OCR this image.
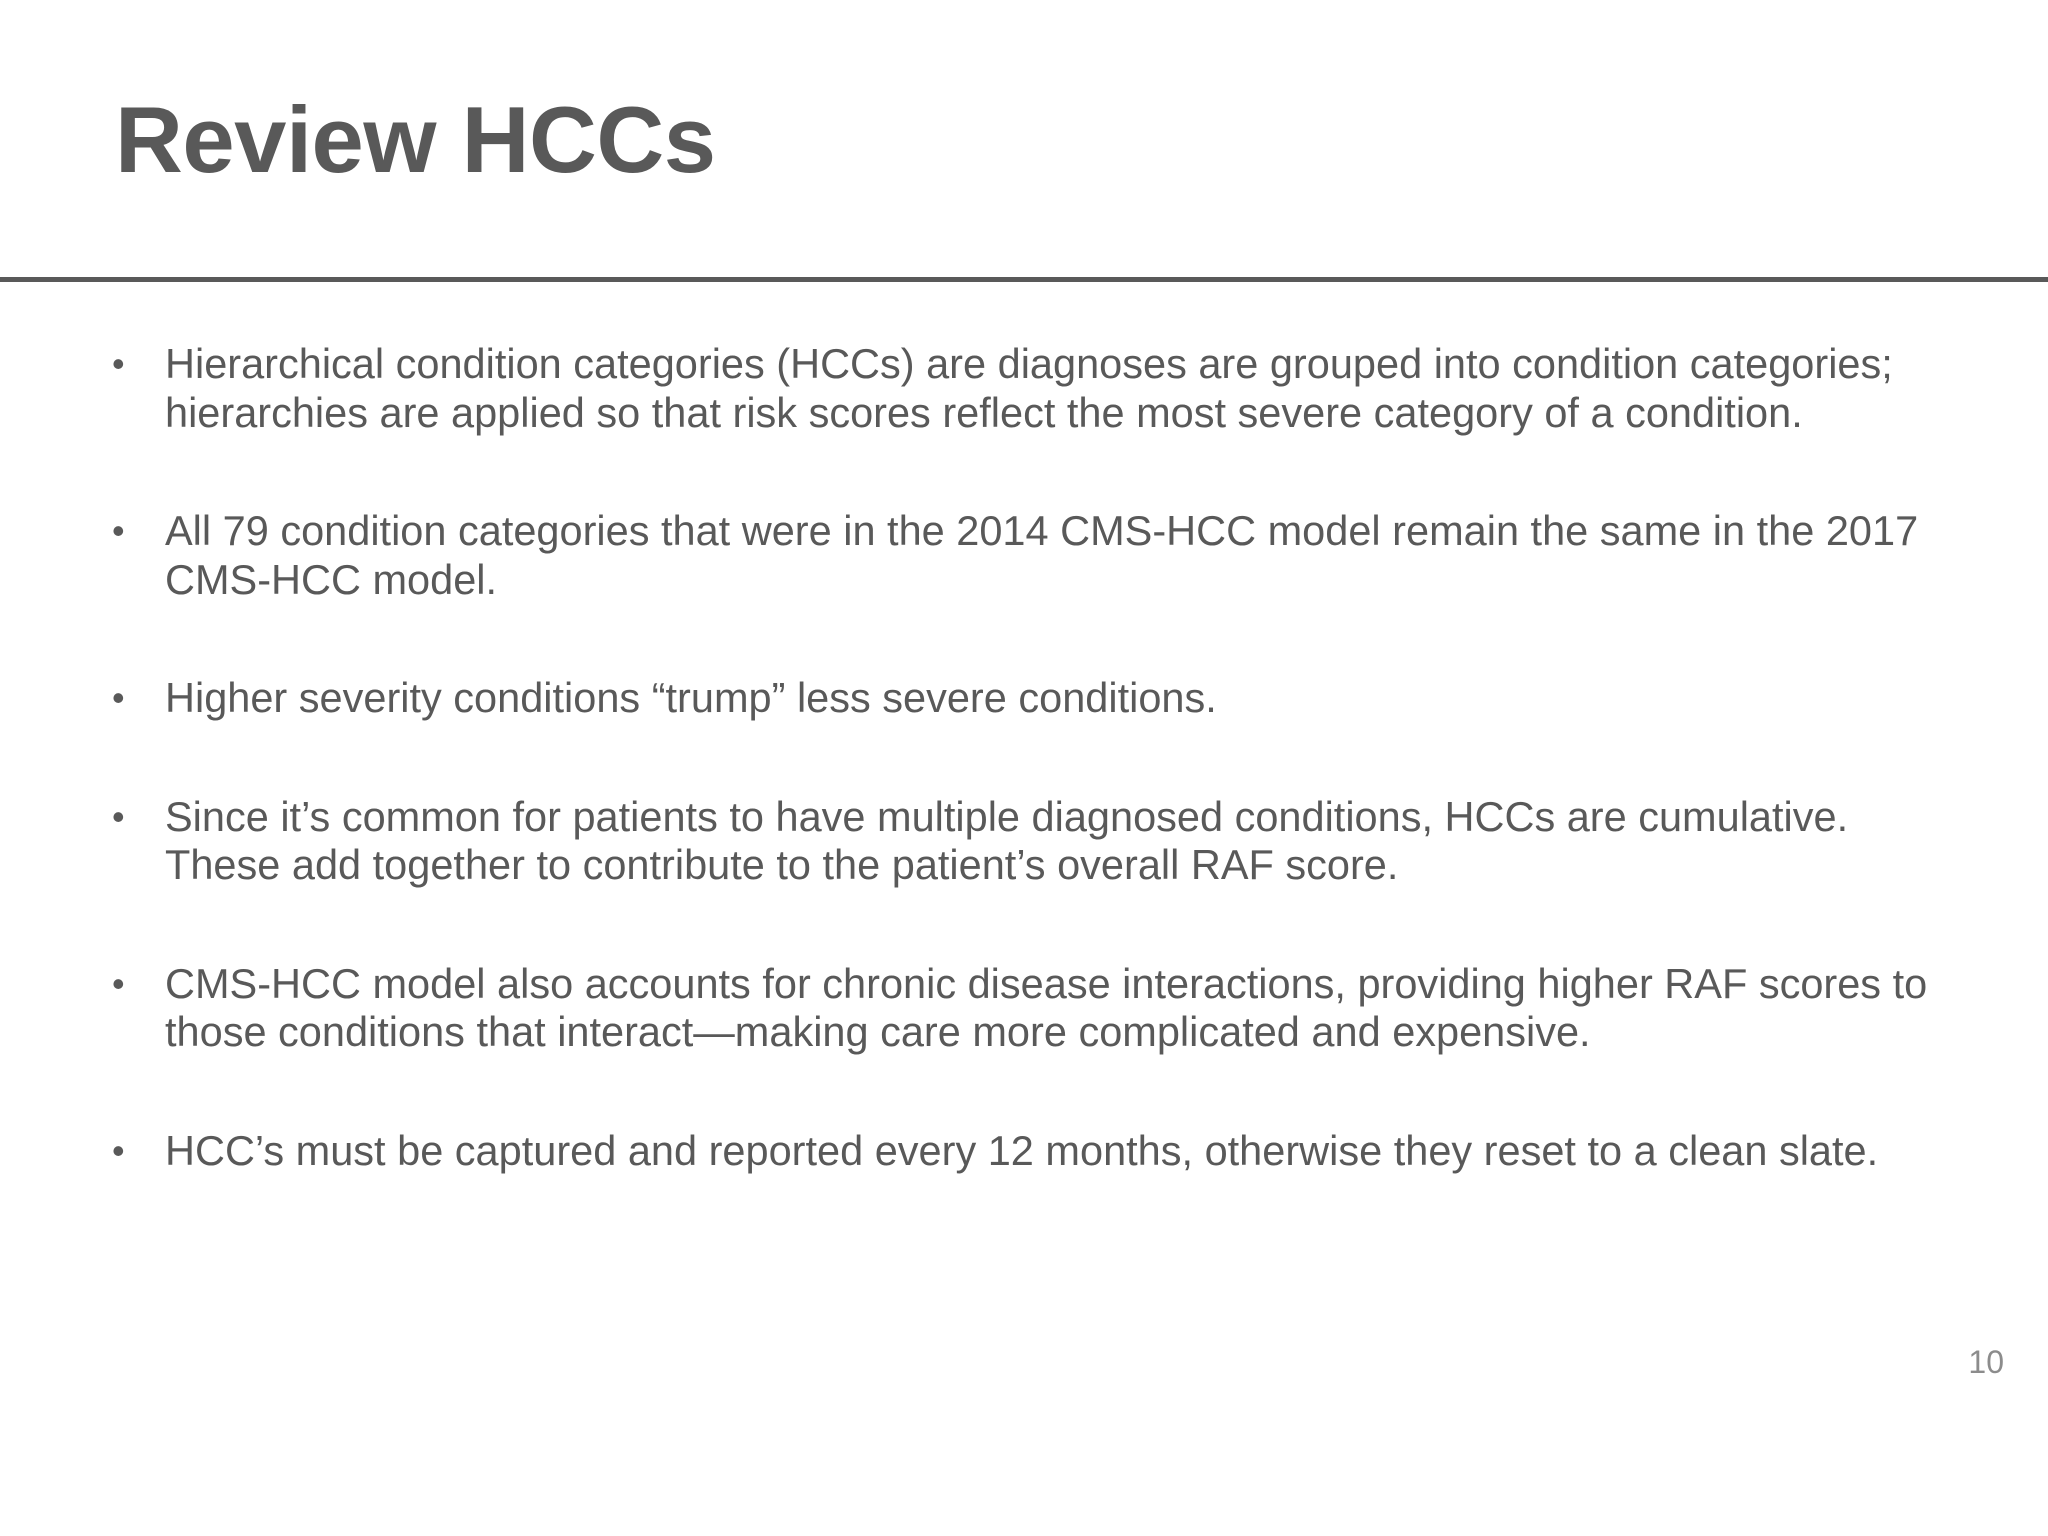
Review HCCs
• Hierarchical condition categories (HCCs) are diagnoses are grouped into condition categories; hierarchies are applied so that risk scores reflect the most severe category of a condition.
• All 79 condition categories that were in the 2014 CMS-HCC model remain the same in the 2017 CMS-HCC model.
• Higher severity conditions “trump” less severe conditions.
• Since it’s common for patients to have multiple diagnosed conditions, HCCs are cumulative. These add together to contribute to the patient’s overall RAF score.
• CMS-HCC model also accounts for chronic disease interactions, providing higher RAF scores to those conditions that interact—making care more complicated and expensive.
• HCC’s must be captured and reported every 12 months, otherwise they reset to a clean slate.
10
